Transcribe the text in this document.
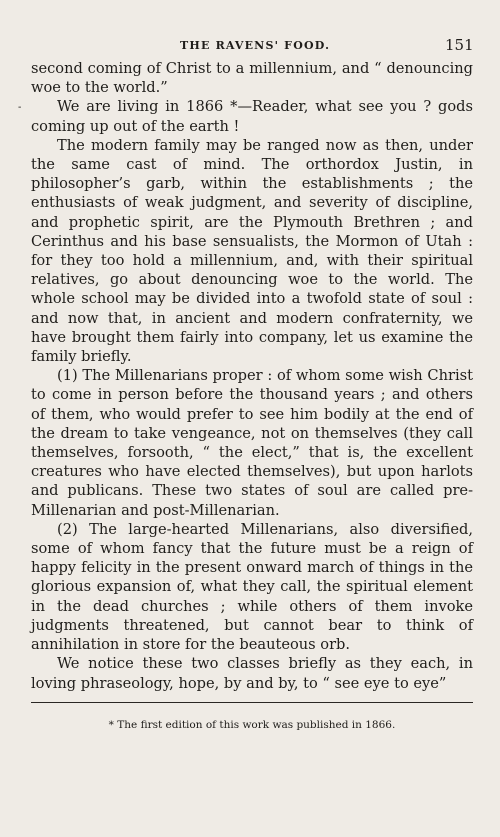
THE RAVENS' FOOD.	151
-

second coming of Christ to a millennium, and “ denouncing woe to the world.”

We are living in 1866 *—Reader, what see you ? gods coming up out of the earth !

The modern family may be ranged now as then, under the same cast of mind. The orthordox Justin, in philosopher’s garb, within the establishments ; the enthusiasts of weak judgment, and severity of discipline, and prophetic spirit, are the Plymouth Brethren ; and Cerinthus and his base sensualists, the Mormon of Utah : for they too hold a millennium, and, with their spiritual relatives, go about denouncing woe to the world. The whole school may be divided into a twofold state of soul : and now that, in ancient and modern confraternity, we have brought them fairly into company, let us examine the family briefly.

(1) The Millenarians proper : of whom some wish Christ to come in person before the thousand years ; and others of them, who would prefer to see him bodily at the end of the dream to take vengeance, not on themselves (they call themselves, forsooth, “ the elect,” that is, the excellent creatures who have elected themselves), but upon harlots and publicans. These two states of soul are called pre-Millenarian and post-Millenarian.

(2) The large-hearted Millenarians, also diversified, some of whom fancy that the future must be a reign of happy felicity in the present onward march of things in the glorious expansion of, what they call, the spiritual element in the dead churches ; while others of them invoke judgments threatened, but cannot bear to think of annihilation in store for the beauteous orb.

We notice these two classes briefly as they each, in loving phraseology, hope, by and by, to “ see eye to eye”

* The first edition of this work was published in 1866.
